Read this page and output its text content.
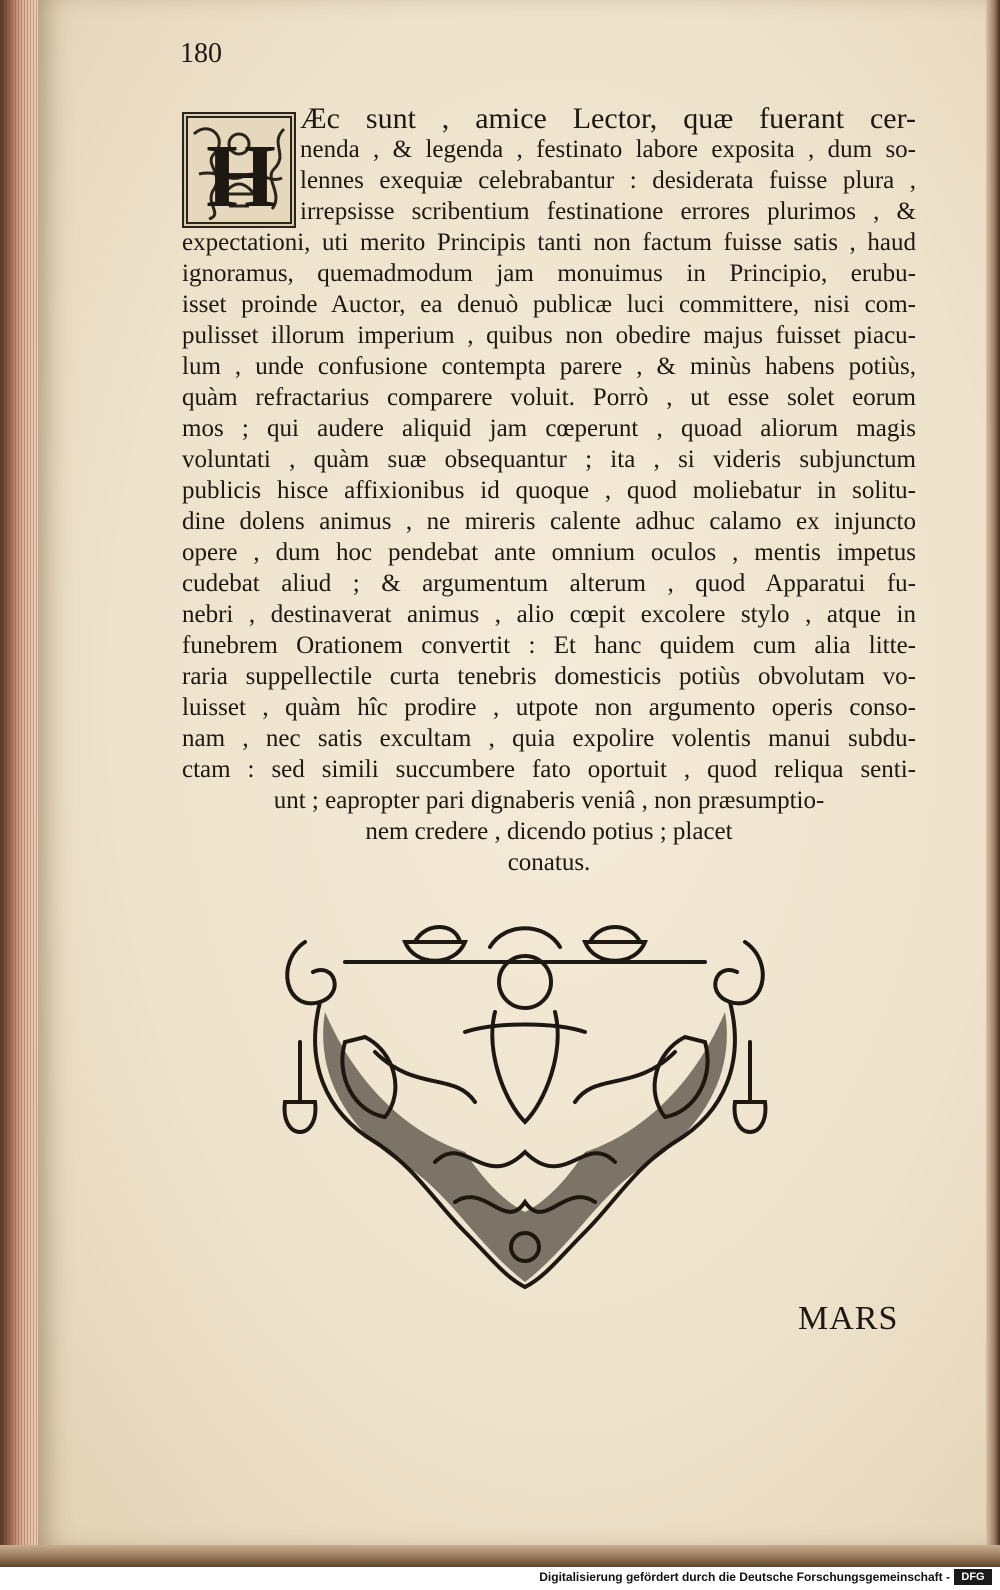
180
H
Æc sunt , amice Lector, quæ fuerant cer-
nenda , & legenda , festinato labore exposita , dum so-
lennes exequiæ celebrabantur : desiderata fuisse plura ,
irrepsisse scribentium festinatione errores plurimos , &
expectationi, uti merito Principis tanti non factum fuisse satis , haud
ignoramus, quemadmodum jam monuimus in Principio, erubu-
isset proinde Auctor, ea denuò publicæ luci committere, nisi com-
pulisset illorum imperium , quibus non obedire majus fuisset piacu-
lum , unde confusione contempta parere , & minùs habens potiùs,
quàm refractarius comparere voluit. Porrò , ut esse solet eorum
mos ; qui audere aliquid jam cœperunt , quoad aliorum magis
voluntati , quàm suæ obsequantur ; ita , si videris subjunctum
publicis hisce affixionibus id quoque , quod moliebatur in solitu-
dine dolens animus , ne mireris calente adhuc calamo ex injuncto
opere , dum hoc pendebat ante omnium oculos , mentis impetus
cudebat aliud ; & argumentum alterum , quod Apparatui fu-
nebri , destinaverat animus , alio cœpit excolere stylo , atque in
funebrem Orationem convertit : Et hanc quidem cum alia litte-
raria suppellectile curta tenebris domesticis potiùs obvolutam vo-
luisset , quàm hîc prodire , utpote non argumento operis conso-
nam , nec satis excultam , quia expolire volentis manui subdu-
ctam : sed simili succumbere fato oportuit , quod reliqua senti-
unt ; eapropter pari dignaberis veniâ , non præsumptio-
nem credere , dicendo potius ; placet
conatus.
MARS
Digitalisierung gefördert durch die Deutsche Forschungsgemeinschaft -	DFG
